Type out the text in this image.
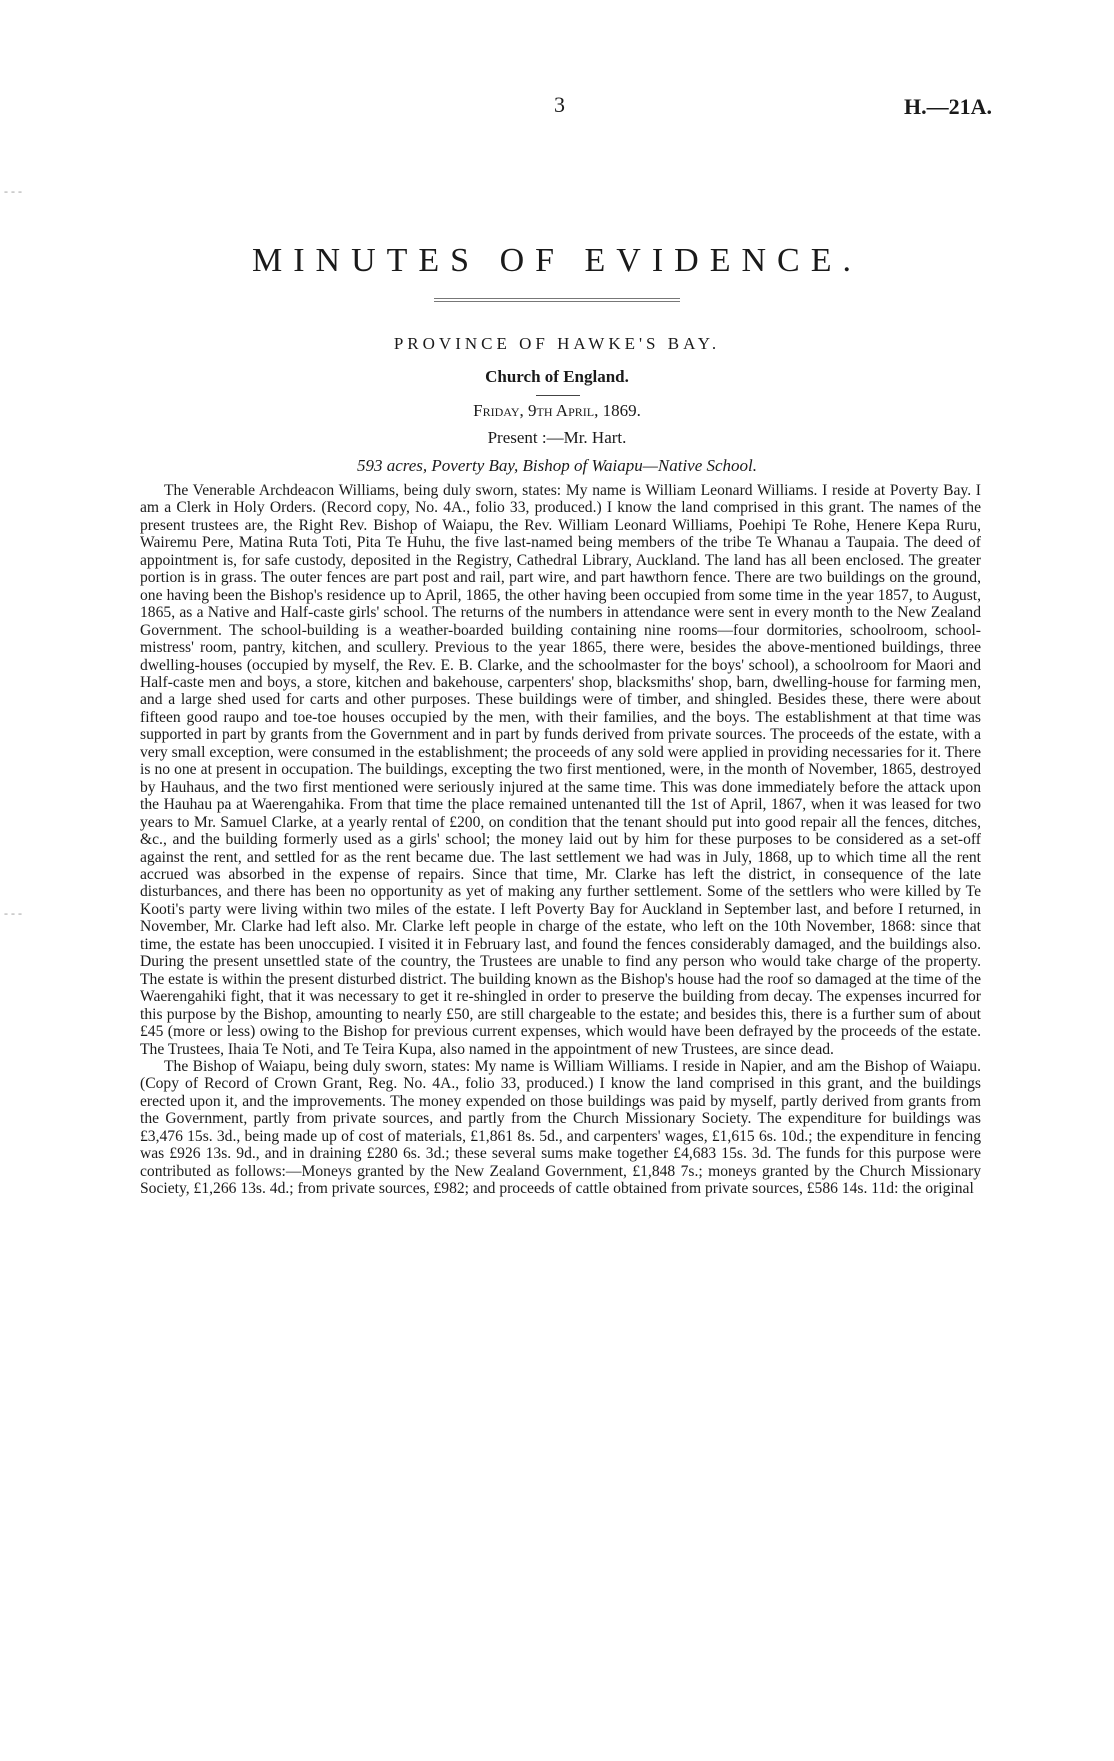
3	H.—21A.
MINUTES OF EVIDENCE.
PROVINCE OF HAWKE'S BAY.
Church of England.
Friday, 9th April, 1869.
Present :—Mr. Hart.
593 acres, Poverty Bay, Bishop of Waiapu—Native School.

The Venerable Archdeacon Williams, being duly sworn, states: My name is William Leonard Williams. I reside at Poverty Bay. I am a Clerk in Holy Orders. (Record copy, No. 4A., folio 33, produced.) I know the land comprised in this grant. The names of the present trustees are, the Right Rev. Bishop of Waiapu, the Rev. William Leonard Williams, Poehipi Te Rohe, Henere Kepa Ruru, Wairemu Pere, Matina Ruta Toti, Pita Te Huhu, the five last-named being members of the tribe Te Whanau a Taupaia. The deed of appointment is, for safe custody, deposited in the Registry, Cathedral Library, Auckland. The land has all been enclosed. The greater portion is in grass. The outer fences are part post and rail, part wire, and part hawthorn fence. There are two buildings on the ground, one having been the Bishop's residence up to April, 1865, the other having been occupied from some time in the year 1857, to August, 1865, as a Native and Half-caste girls' school. The returns of the numbers in attendance were sent in every month to the New Zealand Government. The school-building is a weather-boarded building containing nine rooms—four dormitories, schoolroom, school-mistress' room, pantry, kitchen, and scullery. Previous to the year 1865, there were, besides the above-mentioned buildings, three dwelling-houses (occupied by myself, the Rev. E. B. Clarke, and the schoolmaster for the boys' school), a schoolroom for Maori and Half-caste men and boys, a store, kitchen and bakehouse, carpenters' shop, blacksmiths' shop, barn, dwelling-house for farming men, and a large shed used for carts and other purposes. These buildings were of timber, and shingled. Besides these, there were about fifteen good raupo and toe-toe houses occupied by the men, with their families, and the boys. The establishment at that time was supported in part by grants from the Government and in part by funds derived from private sources. The proceeds of the estate, with a very small exception, were consumed in the establishment; the proceeds of any sold were applied in providing necessaries for it. There is no one at present in occupation. The buildings, excepting the two first mentioned, were, in the month of November, 1865, destroyed by Hauhaus, and the two first mentioned were seriously injured at the same time. This was done immediately before the attack upon the Hauhau pa at Waerengahika. From that time the place remained untenanted till the 1st of April, 1867, when it was leased for two years to Mr. Samuel Clarke, at a yearly rental of £200, on condition that the tenant should put into good repair all the fences, ditches, &c., and the building formerly used as a girls' school; the money laid out by him for these purposes to be considered as a set-off against the rent, and settled for as the rent became due. The last settlement we had was in July, 1868, up to which time all the rent accrued was absorbed in the expense of repairs. Since that time, Mr. Clarke has left the district, in consequence of the late disturbances, and there has been no opportunity as yet of making any further settlement. Some of the settlers who were killed by Te Kooti's party were living within two miles of the estate. I left Poverty Bay for Auckland in September last, and before I returned, in November, Mr. Clarke had left also. Mr. Clarke left people in charge of the estate, who left on the 10th November, 1868: since that time, the estate has been unoccupied. I visited it in February last, and found the fences considerably damaged, and the buildings also. During the present unsettled state of the country, the Trustees are unable to find any person who would take charge of the property. The estate is within the present disturbed district. The building known as the Bishop's house had the roof so damaged at the time of the Waerengahiki fight, that it was necessary to get it re-shingled in order to preserve the building from decay. The expenses incurred for this purpose by the Bishop, amounting to nearly £50, are still chargeable to the estate; and besides this, there is a further sum of about £45 (more or less) owing to the Bishop for previous current expenses, which would have been defrayed by the proceeds of the estate. The Trustees, Ihaia Te Noti, and Te Teira Kupa, also named in the appointment of new Trustees, are since dead.

The Bishop of Waiapu, being duly sworn, states: My name is William Williams. I reside in Napier, and am the Bishop of Waiapu. (Copy of Record of Crown Grant, Reg. No. 4A., folio 33, produced.) I know the land comprised in this grant, and the buildings erected upon it, and the improvements. The money expended on those buildings was paid by myself, partly derived from grants from the Government, partly from private sources, and partly from the Church Missionary Society. The expenditure for buildings was £3,476 15s. 3d., being made up of cost of materials, £1,861 8s. 5d., and carpenters' wages, £1,615 6s. 10d.; the expenditure in fencing was £926 13s. 9d., and in draining £280 6s. 3d.; these several sums make together £4,683 15s. 3d. The funds for this purpose were contributed as follows:—Moneys granted by the New Zealand Government, £1,848 7s.; moneys granted by the Church Missionary Society, £1,266 13s. 4d.; from private sources, £982; and proceeds of cattle obtained from private sources, £586 14s. 11d: the original

- - -
- - -
